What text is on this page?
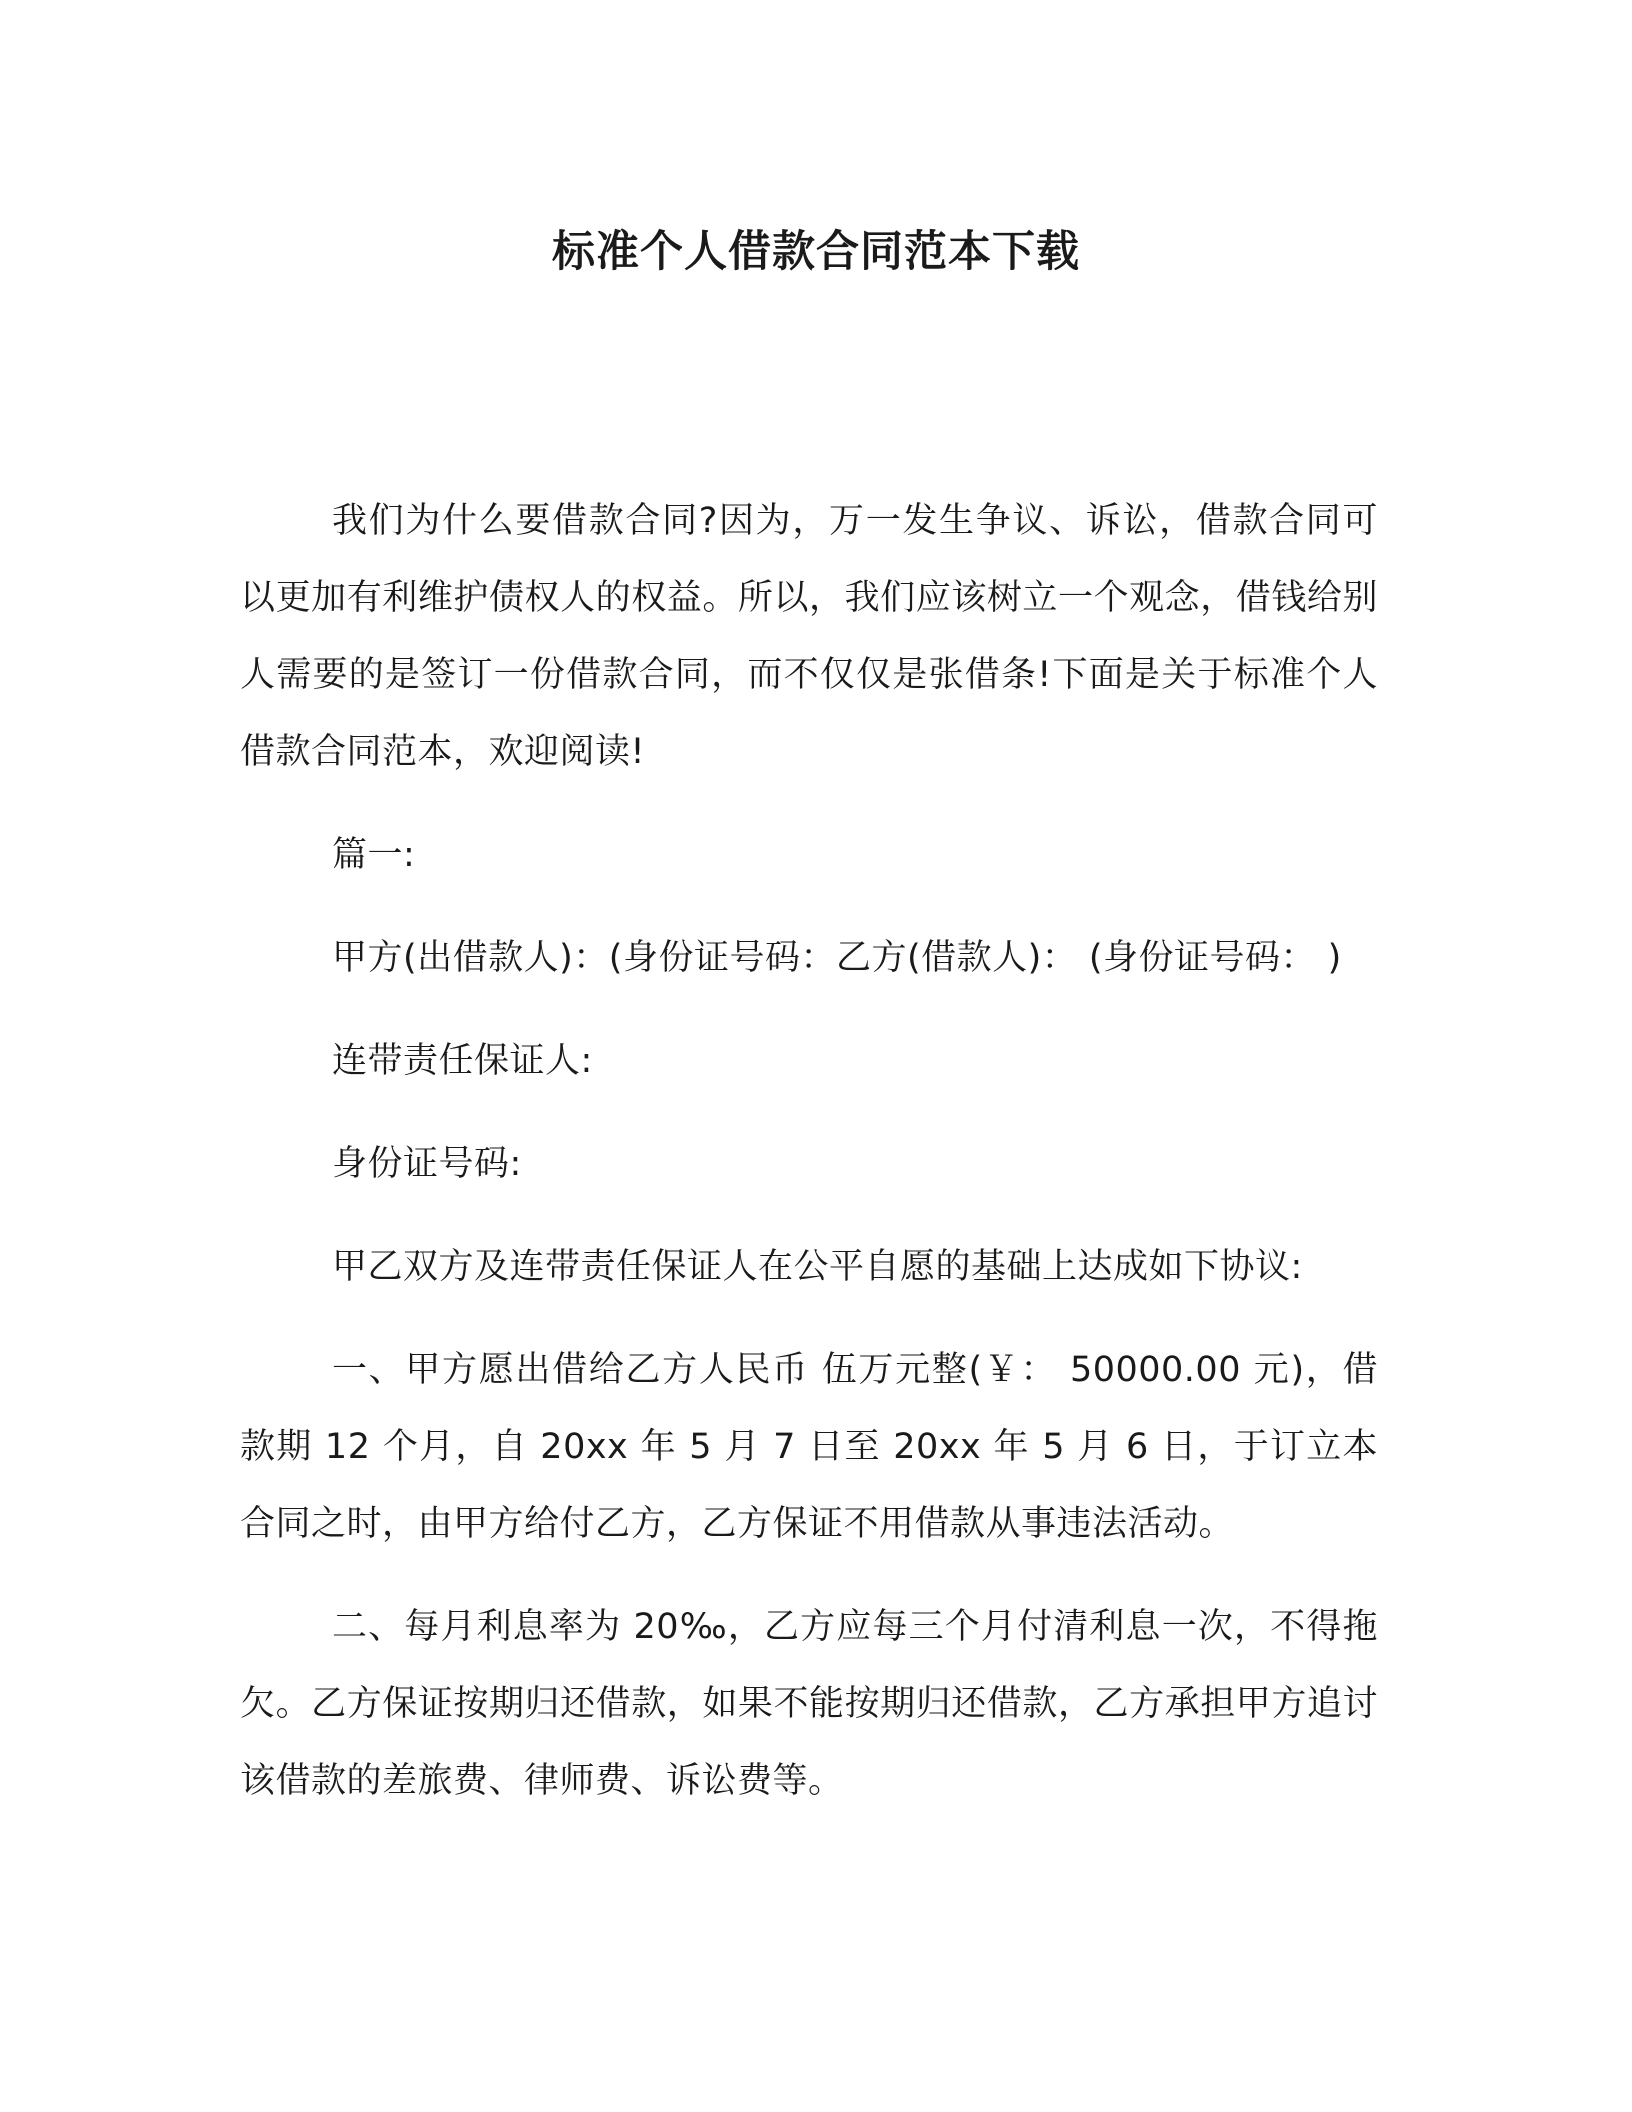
标准个人借款合同范本下载

我们为什么要借款合同?因为，万一发生争议、诉讼，借款合同可以更加有利维护债权人的权益。所以，我们应该树立一个观念，借钱给别人需要的是签订一份借款合同，而不仅仅是张借条!下面是关于标准个人借款合同范本，欢迎阅读!

篇一:

甲方(出借款人)：(身份证号码：乙方(借款人)： (身份证号码： )

连带责任保证人:

身份证号码:

甲乙双方及连带责任保证人在公平自愿的基础上达成如下协议:

一、甲方愿出借给乙方人民币 伍万元整(￥： 50000.00 元)，借款期 12 个月，自 20xx 年 5 月 7 日至 20xx 年 5 月 6 日，于订立本合同之时，由甲方给付乙方，乙方保证不用借款从事违法活动。

二、每月利息率为 20‰，乙方应每三个月付清利息一次，不得拖欠。乙方保证按期归还借款，如果不能按期归还借款，乙方承担甲方追讨该借款的差旅费、律师费、诉讼费等。
